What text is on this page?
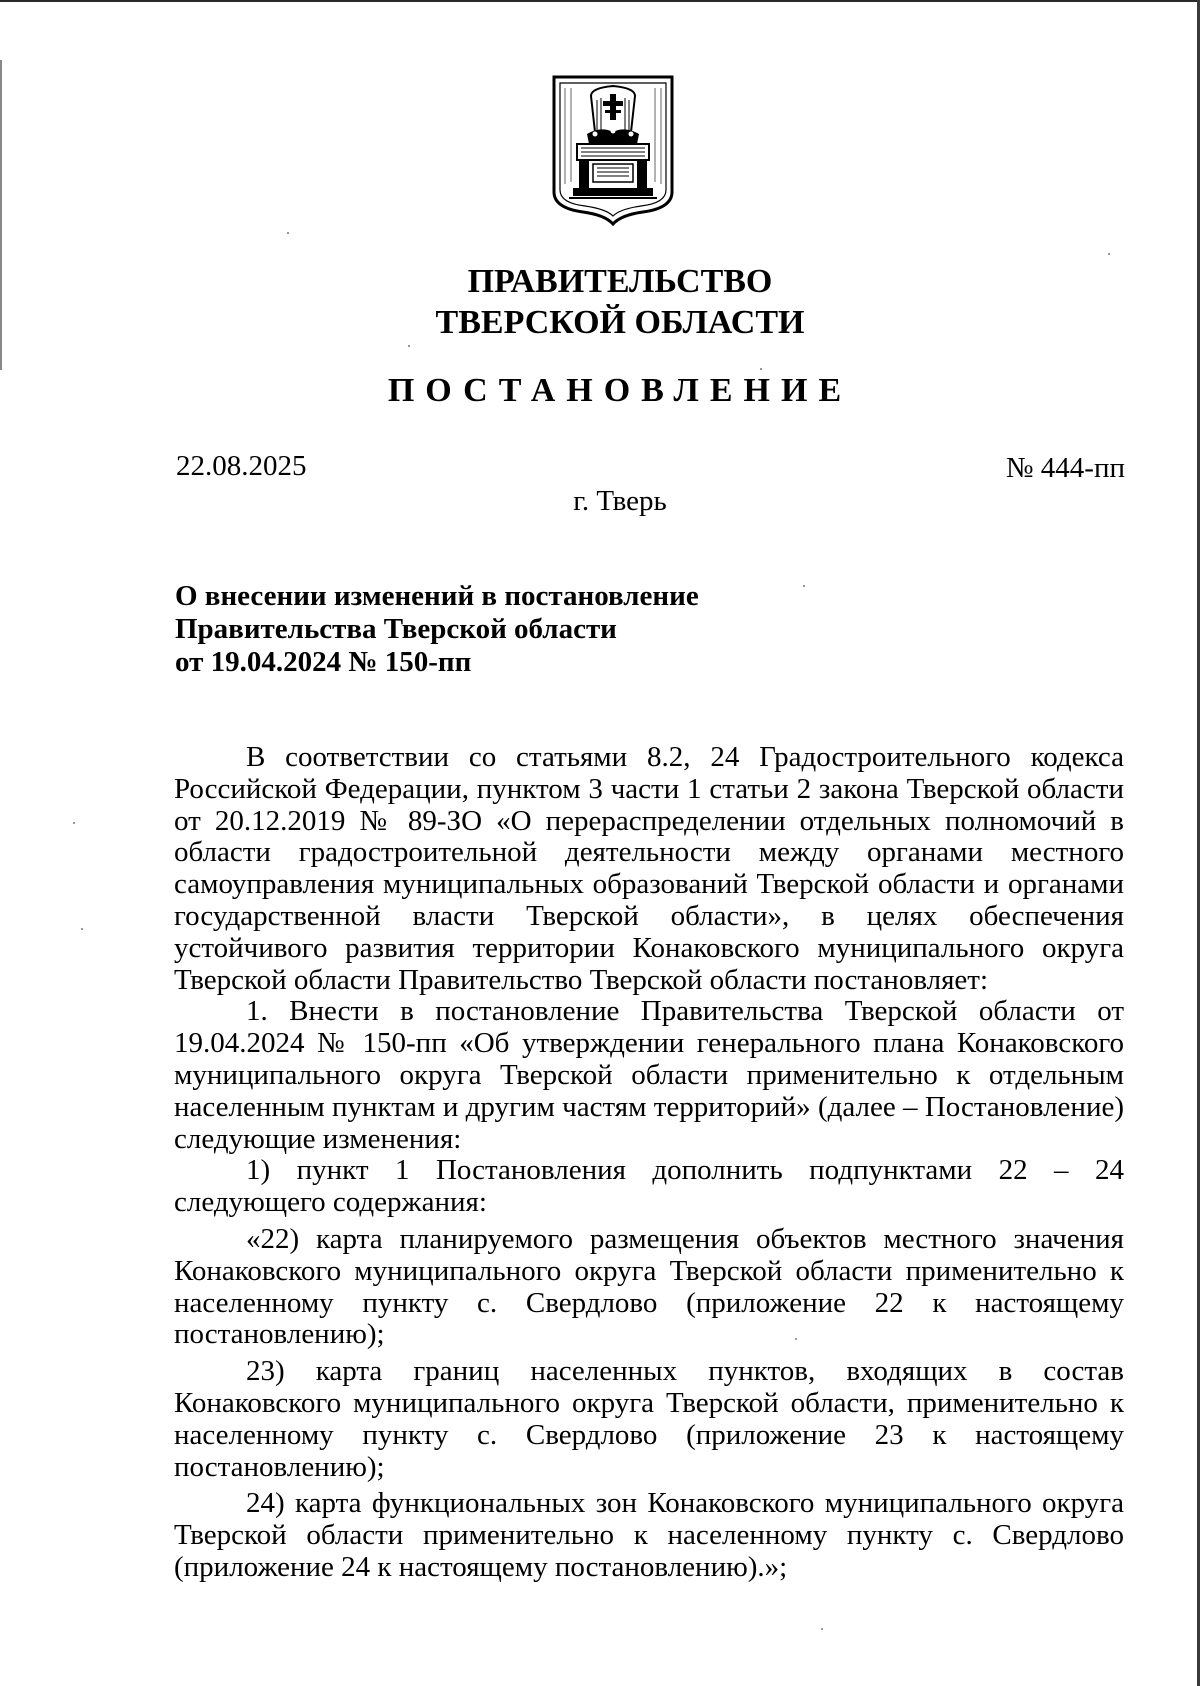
ПРАВИТЕЛЬСТВО
ТВЕРСКОЙ ОБЛАСТИ
ПОСТАНОВЛЕНИЕ
22.08.2025	№ 444-пп
г. Тверь
О внесении изменений в постановление
Правительства Тверской области
от 19.04.2024 № 150-пп

В соответствии со статьями 8.2, 24 Градостроительного кодекса Российской Федерации, пунктом 3 части 1 статьи 2 закона Тверской области от 20.12.2019 № 89-ЗО «О перераспределении отдельных полномочий в области градостроительной деятельности между органами местного самоуправления муниципальных образований Тверской области и органами государственной власти Тверской области», в целях обеспечения устойчивого развития территории Конаковского муниципального округа Тверской области Правительство Тверской области постановляет:

1. Внести в постановление Правительства Тверской области от 19.04.2024 № 150-пп «Об утверждении генерального плана Конаковского муниципального округа Тверской области применительно к отдельным населенным пунктам и другим частям территорий» (далее – Постановление) следующие изменения:

1) пункт 1 Постановления дополнить подпунктами 22 – 24 следующего содержания:

«22) карта планируемого размещения объектов местного значения Конаковского муниципального округа Тверской области применительно к населенному пункту с. Свердлово (приложение 22 к настоящему постановлению);

23) карта границ населенных пунктов, входящих в состав Конаковского муниципального округа Тверской области, применительно к населенному пункту с. Свердлово (приложение 23 к настоящему постановлению);

24) карта функциональных зон Конаковского муниципального округа Тверской области применительно к населенному пункту с. Свердлово (приложение 24 к настоящему постановлению).»;
